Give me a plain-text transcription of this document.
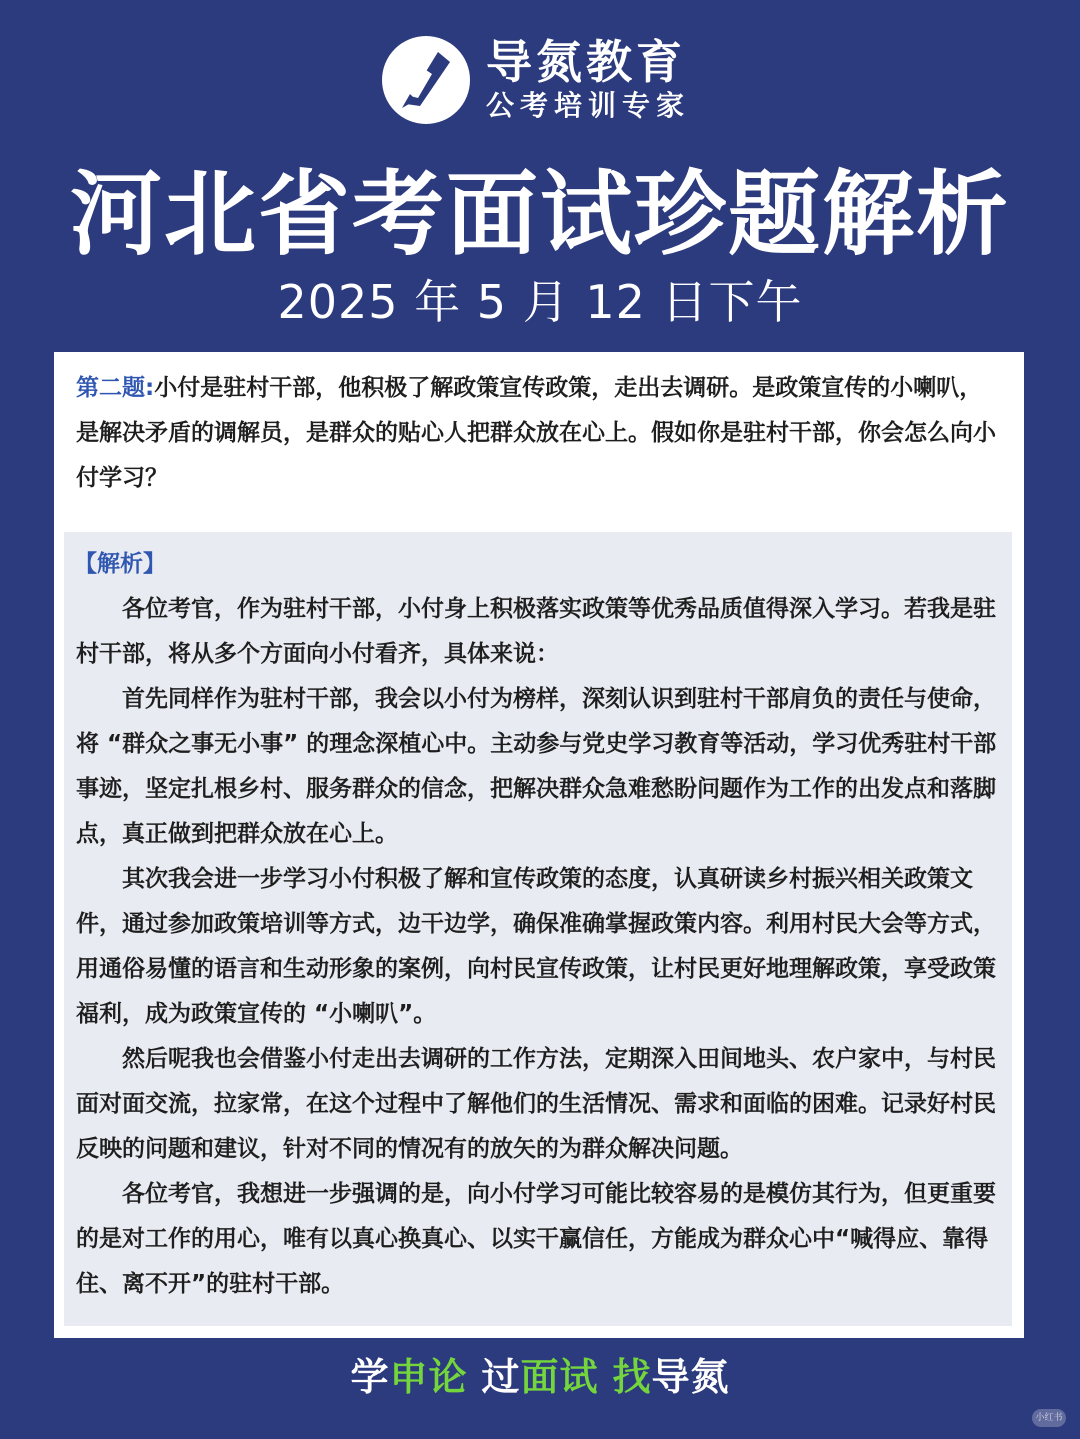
导氮教育
公考培训专家
河北省考面试珍题解析
2025 年 5 月 12 日下午
第二题:小付是驻村干部，他积极了解政策宣传政策，走出去调研。是政策宣传的小喇叭，是解决矛盾的调解员，是群众的贴心人把群众放在心上。假如你是驻村干部，你会怎么向小付学习？
【解析】

各位考官，作为驻村干部，小付身上积极落实政策等优秀品质值得深入学习。若我是驻村干部，将从多个方面向小付看齐，具体来说：

首先同样作为驻村干部，我会以小付为榜样，深刻认识到驻村干部肩负的责任与使命，将 “群众之事无小事” 的理念深植心中。主动参与党史学习教育等活动，学习优秀驻村干部事迹，坚定扎根乡村、服务群众的信念，把解决群众急难愁盼问题作为工作的出发点和落脚点，真正做到把群众放在心上。

其次我会进一步学习小付积极了解和宣传政策的态度，认真研读乡村振兴相关政策文件，通过参加政策培训等方式，边干边学，确保准确掌握政策内容。利用村民大会等方式，用通俗易懂的语言和生动形象的案例，向村民宣传政策，让村民更好地理解政策，享受政策福利，成为政策宣传的 “小喇叭”。

然后呢我也会借鉴小付走出去调研的工作方法，定期深入田间地头、农户家中，与村民面对面交流，拉家常，在这个过程中了解他们的生活情况、需求和面临的困难。记录好村民反映的问题和建议，针对不同的情况有的放矢的为群众解决问题。

各位考官，我想进一步强调的是，向小付学习可能比较容易的是模仿其行为，但更重要的是对工作的用心，唯有以真心换真心、以实干赢信任，方能成为群众心中“喊得应、靠得住、离不开”的驻村干部。

学申论 过面试 找导氮
小红书
